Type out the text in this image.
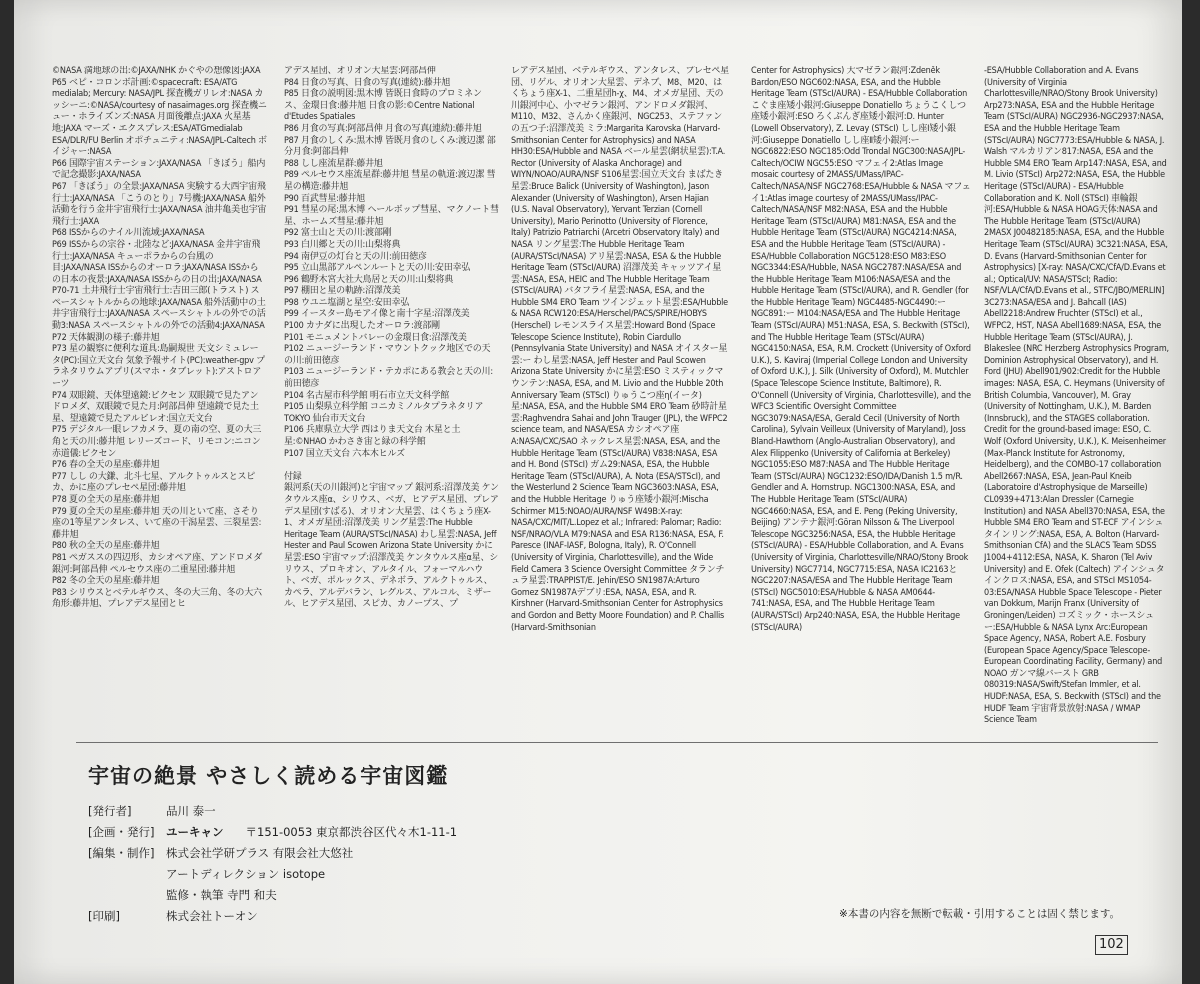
©NASA 満地球の出:©JAXA/NHK かぐやの想像図:JAXA

P65 ベピ・コロンボ計画:©spacecraft: ESA/ATG medialab; Mercury: NASA/JPL 探査機ガリレオ:NASA カッシーニ:©NASA/courtesy of nasaimages.org 探査機ニュー・ホライズンズ:NASA 月面後離点:JAXA 火星基地:JAXA マーズ・エクスプレス:ESA/ATGmedialab ESA/DLR/FU Berlin オポチュニティ:NASA/JPL-Caltech ボイジャー:NASA

P66 国際宇宙ステーション:JAXA/NASA 「きぼう」船内で記念撮影:JAXA/NASA

P67 「きぼう」の全景:JAXA/NASA 実験する大西宇宙飛行士:JAXA/NASA 「こうのとり」7号機:JAXA/NASA 船外活動を行う金井宇宙飛行士:JAXA/NASA 油井亀美也宇宙飛行士:JAXA

P68 ISSからのナイル川流域:JAXA/NASA

P69 ISSからの宗谷・北陸など:JAXA/NASA 金井宇宙飛行士:JAXA/NASA キューポラからの台風の目:JAXA/NASA ISSからのオーロラ:JAXA/NASA ISSからの日本の夜景:JAXA/NASA ISSからの日の出:JAXA/NASA

P70-71 土井飛行士宇宙飛行士:吉田三郎(トラスト) スペースシャトルからの地球:JAXA/NASA 船外活動中の土井宇宙飛行士:JAXA/NASA スペースシャトルの外での活動3:NASA スペースシャトルの外での活動4:JAXA/NASA

P72 天体観測の様子:藤井旭

P73 星の観察に便利な道具:島嗣規世 天文シミュレータ(PC):国立天文台 気象予報サイト(PC):weather-gpv プラネタリウムアプリ(スマホ・タブレット):アストロアーツ

P74 双眼鏡、天体望遠鏡:ビクセン 双眼鏡で見たアンドロメダ、双眼鏡で見た月:阿部昌伸 望遠鏡で見た土星、望遠鏡で見たアルビレオ:国立天文台

P75 デジタル一眼レフカメラ、夏の南の空、夏の大三角と天の川:藤井旭 レリーズコード、リモコン:ニコン 赤道儀:ビクセン

P76 春の全天の星座:藤井旭

P77 しし の大鎌、北斗七星、アルクトゥルスとスピカ、かに座のプレセペ星団:藤井旭

P78 夏の全天の星座:藤井旭

P79 夏の全天の星座:藤井旭 天の川といて座、さそり座の1等星アンタレス、いて座の干潟星雲、三裂星雲:藤井旭

P80 秋の全天の星座:藤井旭

P81 ペガススの四辺形、カシオペア座、アンドロメダ銀河:阿部昌伸 ペルセウス座の二重星団:藤井旭

P82 冬の全天の星座:藤井旭

P83 シリウスとベテルギウス、冬の大三角、冬の大六角形:藤井旭、プレアデス星団とヒ

アデス星団、オリオン大星雲:阿部昌伸

P84 日食の写真、日食の写真(連続):藤井旭

P85 日食の説明図:黒木博 皆既日食時のプロミネンス、金環日食:藤井旭 日食の影:©Centre National d'Etudes Spatiales

P86 月食の写真:阿部昌伸 月食の写真(連続):藤井旭

P87 月食のしくみ:黒木博 皆既月食のしくみ:渡辺潔 部分月食:阿部昌伸

P88 しし座流星群:藤井旭

P89 ペルセウス座流星群:藤井旭 彗星の軌道:渡辺潔 彗星の構造:藤井旭

P90 百武彗星:藤井旭

P91 彗星の尾:黒木博 ヘールボップ彗星、マクノート彗星、ホームズ彗星:藤井旭

P92 富士山と天の川:渡部剛

P93 白川郷と天の川:山梨将典

P94 南伊豆の灯台と天の川:前田徳彦

P95 立山黒部アルペンルートと天の川:安田幸弘

P96 鶴野木宮大社大鳥居と天の川:山梨将典

P97 棚田と星の軌跡:沼澤茂美

P98 ウユニ塩湖と星空:安田幸弘

P99 イースター島モアイ像と南十字星:沼澤茂美

P100 カナダに出現したオーロラ:渡部剛

P101 モニュメントバレーの金環日食:沼澤茂美

P102 ニュージーランド・マウントクック地区での天の川:前田徳彦

P103 ニュージーランド・テカポにある教会と天の川:前田徳彦

P104 名古屋市科学館 明石市立天文科学館

P105 山梨県立科学館 コニカミノルタプラネタリア TOKYO 仙台市天文台

P106 兵庫県立大学 西はりま天文台 木星と土星:©NHAO かわさき宙と緑の科学館

P107 国立天文台 六本木ヒルズ

付録

銀河系(天の川銀河)と宇宙マップ 銀河系:沼澤茂美 ケンタウルス座α、シリウス、ベガ、ヒアデス星団、プレアデス星団(すばる)、オリオン大星雲、はくちょう座X-1、オメガ星団:沼澤茂美 リング星雲:The Hubble Heritage Team (AURA/STScI/NASA) わし星雲:NASA, Jeff Hester and Paul Scowen Arizona State University かに星雲:ESO 宇宙マップ:沼澤茂美 ケンタウルス座α星、シリウス、プロキオン、アルタイル、フォーマルハウト、ベガ、ポルックス、デネボラ、アルクトゥルス、カペラ、アルデバラン、レグルス、アルコル、ミザール、ヒアデス星団、スピカ、カノープス、プ

レアデス星団、ベテルギウス、アンタレス、プレセペ星団、リゲル、オリオン大星雲、デネブ、M8、M20、はくちょう座X-1、二重星団h-χ、M4、オメガ星団、天の川銀河中心、小マゼラン銀河、アンドロメダ銀河、M110、M32、さんかく座銀河、NGC253、ステファンの五つ子:沼澤茂美 ミラ:Margarita Karovska (Harvard-Smithsonian Center for Astrophysics) and NASA HH30:ESA/Hubble and NASA ベール星雲(網状星雲):T.A. Rector (University of Alaska Anchorage) and WIYN/NOAO/AURA/NSF S106星雲:国立天文台 まばたき星雲:Bruce Balick (University of Washington), Jason Alexander (University of Washington), Arsen Hajian (U.S. Naval Observatory), Yervant Terzian (Cornell University), Mario Perinotto (University of Florence, Italy) Patrizio Patriarchi (Arcetri Observatory Italy) and NASA リング星雲:The Hubble Heritage Team (AURA/STScI/NASA) アリ星雲:NASA, ESA & the Hubble Heritage Team (STScI/AURA) 沼澤茂美 キャッツアイ星雲:NASA, ESA, HEIC and The Hubble Heritage Team (STScI/AURA) バタフライ星雲:NASA, ESA, and the Hubble SM4 ERO Team ツインジェット星雲:ESA/Hubble & NASA RCW120:ESA/Herschel/PACS/SPIRE/HOBYS (Herschel) レモンスライス星雲:Howard Bond (Space Telescope Science Institute), Robin Ciardullo (Pennsylvania State University) and NASA オイスター星雲:ー わし星雲:NASA, Jeff Hester and Paul Scowen Arizona State University かに星雲:ESO ミスティックマウンテン:NASA, ESA, and M. Livio and the Hubble 20th Anniversary Team (STScI) りゅうこつ座η(イータ)星:NASA, ESA, and the Hubble SM4 ERO Team 砂時計星雲:Raghvendra Sahai and John Trauger (JPL), the WFPC2 science team, and NASA/ESA カシオペア座A:NASA/CXC/SAO ネックレス星雲:NASA, ESA, and the Hubble Heritage Team (STScI/AURA) V838:NASA, ESA and H. Bond (STScI) ガム29:NASA, ESA, the Hubble Heritage Team (STScI/AURA), A. Nota (ESA/STScI), and the Westerlund 2 Science Team NGC3603:NASA, ESA, and the Hubble Heritage りゅう座矮小銀河:Mischa Schirmer M15:NOAO/AURA/NSF W49B:X-ray: NASA/CXC/MIT/L.Lopez et al.; Infrared: Palomar; Radio: NSF/NRAO/VLA M79:NASA and ESA R136:NASA, ESA, F. Paresce (INAF-IASF, Bologna, Italy), R. O'Connell (University of Virginia, Charlottesville), and the Wide Field Camera 3 Science Oversight Committee タランチュラ星雲:TRAPPIST/E. Jehin/ESO SN1987A:Arturo Gomez SN1987Aデブリ:ESA, NASA, ESA, and R. Kirshner (Harvard-Smithsonian Center for Astrophysics and Gordon and Betty Moore Foundation) and P. Challis (Harvard-Smithsonian

Center for Astrophysics) 大マゼラン銀河:Zdeněk Bardon/ESO NGC602:NASA, ESA, and the Hubble Heritage Team (STScI/AURA) - ESA/Hubble Collaboration こぐま座矮小銀河:Giuseppe Donatiello ちょうこくしつ座矮小銀河:ESO ろくぶんぎ座矮小銀河:D. Hunter (Lowell Observatory), Z. Levay (STScI) しし座Ⅰ矮小銀河:Giuseppe Donatiello しし座Ⅱ矮小銀河:ー NGC6822:ESO NGC185:Odd Trondal NGC300:NASA/JPL-Caltech/OCIW NGC55:ESO マフェイ2:Atlas Image mosaic courtesy of 2MASS/UMass/IPAC-Caltech/NASA/NSF NGC2768:ESA/Hubble & NASA マフェイ1:Atlas image courtesy of 2MASS/UMass/IPAC-Caltech/NASA/NSF M82:NASA, ESA and the Hubble Heritage Team (STScI/AURA) M81:NASA, ESA and the Hubble Heritage Team (STScI/AURA) NGC4214:NASA, ESA and the Hubble Heritage Team (STScI/AURA) - ESA/Hubble Collaboration NGC5128:ESO M83:ESO NGC3344:ESA/Hubble, NASA NGC2787:NASA/ESA and the Hubble Heritage Team M106:NASA/ESA and the Hubble Heritage Team (STScI/AURA), and R. Gendler (for the Hubble Heritage Team) NGC4485-NGC4490:ー NGC891:ー M104:NASA/ESA and The Hubble Heritage Team (STScI/AURA) M51:NASA, ESA, S. Beckwith (STScI), and The Hubble Heritage Team (STScI/AURA) NGC4150:NASA, ESA, R.M. Crockett (University of Oxford U.K.), S. Kaviraj (Imperial College London and University of Oxford U.K.), J. Silk (University of Oxford), M. Mutchler (Space Telescope Science Institute, Baltimore), R. O'Connell (University of Virginia, Charlottesville), and the WFC3 Scientific Oversight Committee NGC3079:NASA/ESA, Gerald Cecil (University of North Carolina), Sylvain Veilleux (University of Maryland), Joss Bland-Hawthorn (Anglo-Australian Observatory), and Alex Filippenko (University of California at Berkeley) NGC1055:ESO M87:NASA and The Hubble Heritage Team (STScI/AURA) NGC1232:ESO/IDA/Danish 1.5 m/R. Gendler and A. Hornstrup. NGC1300:NASA, ESA, and The Hubble Heritage Team (STScI/AURA) NGC4660:NASA, ESA, and E. Peng (Peking University, Beijing) アンテナ銀河:Göran Nilsson & The Liverpool Telescope NGC3256:NASA, ESA, the Hubble Heritage (STScI/AURA) - ESA/Hubble Collaboration, and A. Evans (University of Virginia, Charlottesville/NRAO/Stony Brook University) NGC7714, NGC7715:ESA, NASA IC2163とNGC2207:NASA/ESA and The Hubble Heritage Team (STScI) NGC5010:ESA/Hubble & NASA AM0644-741:NASA, ESA, and The Hubble Heritage Team (AURA/STScI) Arp240:NASA, ESA, the Hubble Heritage (STScI/AURA)

-ESA/Hubble Collaboration and A. Evans (University of Virginia Charlottesville/NRAO/Stony Brook University) Arp273:NASA, ESA and the Hubble Heritage Team (STScI/AURA) NGC2936-NGC2937:NASA, ESA and the Hubble Heritage Team (STScI/AURA) NGC7773:ESA/Hubble & NASA, J. Walsh マルカリアン817:NASA, ESA and the Hubble SM4 ERO Team Arp147:NASA, ESA, and M. Livio (STScI) Arp272:NASA, ESA, the Hubble Heritage (STScI/AURA) - ESA/Hubble Collaboration and K. Noll (STScI) 車輪銀河:ESA/Hubble & NASA HOAG天体:NASA and The Hubble Heritage Team (STScI/AURA) 2MASX J00482185:NASA, ESA, and the Hubble Heritage Team (STScI/AURA) 3C321:NASA, ESA, D. Evans (Harvard-Smithsonian Center for Astrophysics) [X-ray: NASA/CXC/CfA/D.Evans et al.; Optical/UV: NASA/STScI; Radio: NSF/VLA/CfA/D.Evans et al., STFC/JBO/MERLIN] 3C273:NASA/ESA and J. Bahcall (IAS) Abell2218:Andrew Fruchter (STScI) et al., WFPC2, HST, NASA Abell1689:NASA, ESA, the Hubble Heritage Team (STScI/AURA), J. Blakeslee (NRC Herzberg Astrophysics Program, Dominion Astrophysical Observatory), and H. Ford (JHU) Abell901/902:Credit for the Hubble images: NASA, ESA, C. Heymans (University of British Columbia, Vancouver), M. Gray (University of Nottingham, U.K.), M. Barden (Innsbruck), and the STAGES collaboration. Credit for the ground-based image: ESO, C. Wolf (Oxford University, U.K.), K. Meisenheimer (Max-Planck Institute for Astronomy, Heidelberg), and the COMBO-17 collaboration Abell2667:NASA, ESA, Jean-Paul Kneib (Laboratoire d'Astrophysique de Marseille) CL0939+4713:Alan Dressler (Carnegie Institution) and NASA Abell370:NASA, ESA, the Hubble SM4 ERO Team and ST-ECF アインシュタインリング:NASA, ESA, A. Bolton (Harvard-Smithsonian CfA) and the SLACS Team SDSS J1004+4112:ESA, NASA, K. Sharon (Tel Aviv University) and E. Ofek (Caltech) アインシュタインクロス:NASA, ESA, and STScI MS1054-03:ESA/NASA Hubble Space Telescope - Pieter van Dokkum, Marijn Franx (University of Groningen/Leiden) コズミック・ホースシュー:ESA/Hubble & NASA Lynx Arc:European Space Agency, NASA, Robert A.E. Fosbury (European Space Agency/Space Telescope-European Coordinating Facility, Germany) and NOAO ガンマ線バースト GRB 080319:NASA/Swift/Stefan Immler, et al. HUDF:NASA, ESA, S. Beckwith (STScI) and the HUDF Team 宇宙背景放射:NASA / WMAP Science Team

宇宙の絶景 やさしく読める宇宙図鑑
[発行者]	品川 泰一
[企画・発行]	ユーキャン 〒151-0053 東京都渋谷区代々木1-11-1
[編集・制作]	株式会社学研プラス 有限会社大悠社
アートディレクション isotope
監修・執筆 寺門 和夫
[印刷]	株式会社トーオン	※本書の内容を無断で転載・引用することは固く禁じます。
102
